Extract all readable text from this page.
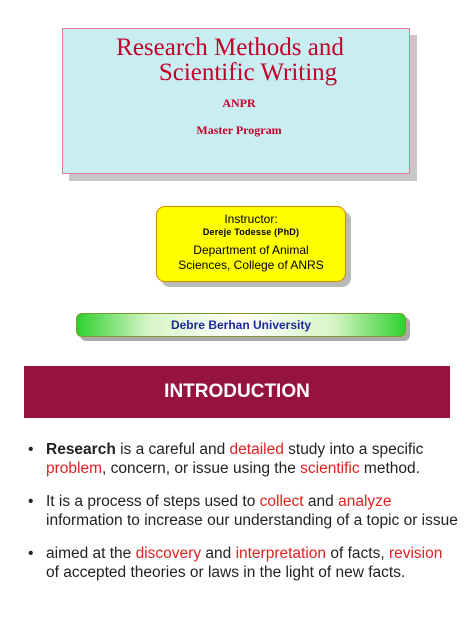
Research Methods and
Scientific Writing
ANPR
Master Program
Instructor:
Dereje Todesse (PhD)
Department of Animal
Sciences, College of ANRS
Debre Berhan University
INTRODUCTION
• Research is a careful and detailed study into a specific problem, concern, or issue using the scientific method.
• It is a process of steps used to collect and analyze information to increase our understanding of a topic or issue
• aimed at the discovery and interpretation of facts, revision of accepted theories or laws in the light of new facts.
